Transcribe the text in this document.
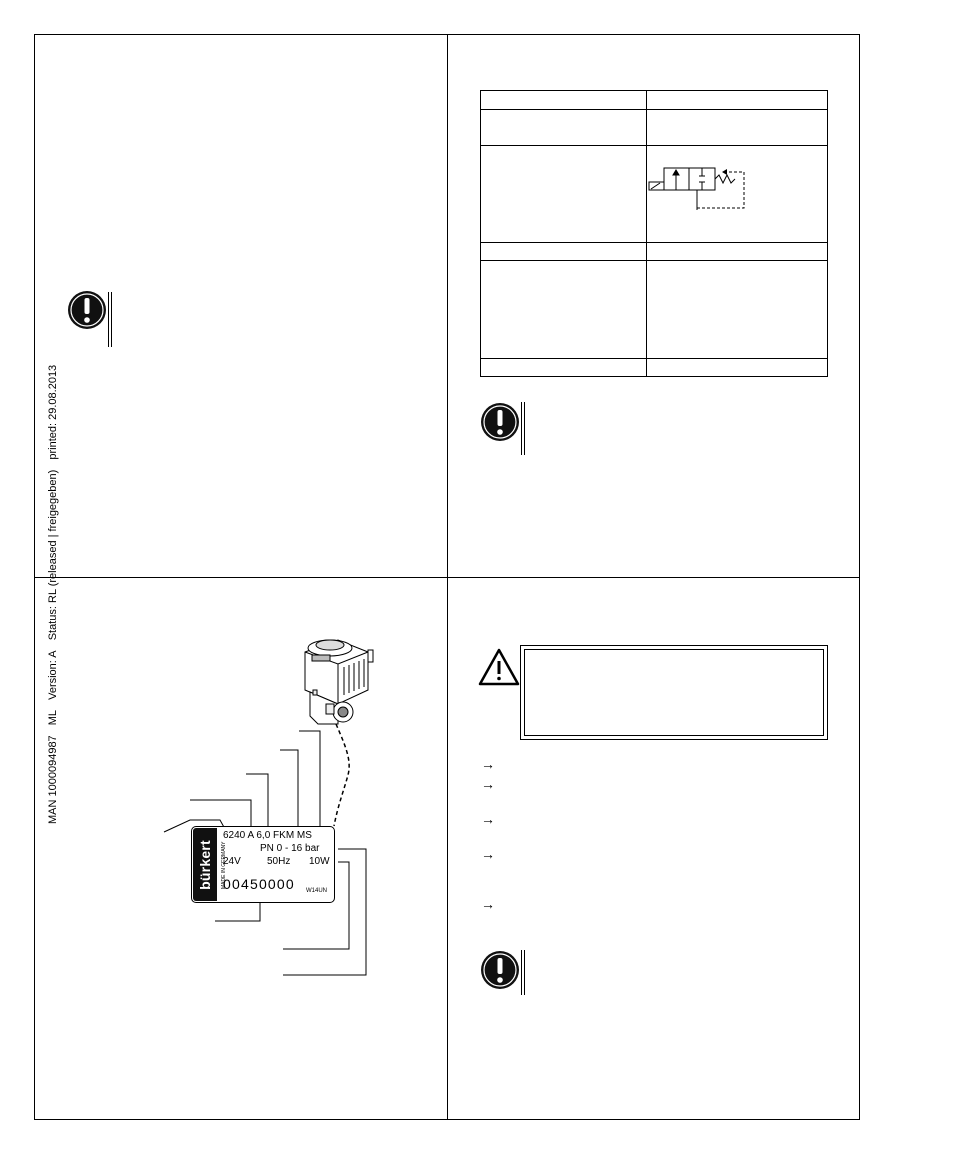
MAN 1000094987 ML Version: A Status: RL (released | freigegeben) printed: 29.08.2013

bürkert MADE IN GERMANY
6240 A 6,0 FKM MS
PN 0 - 16 bar
24V	50Hz 10W
00450000 W14UN
→
→
→
→
→
